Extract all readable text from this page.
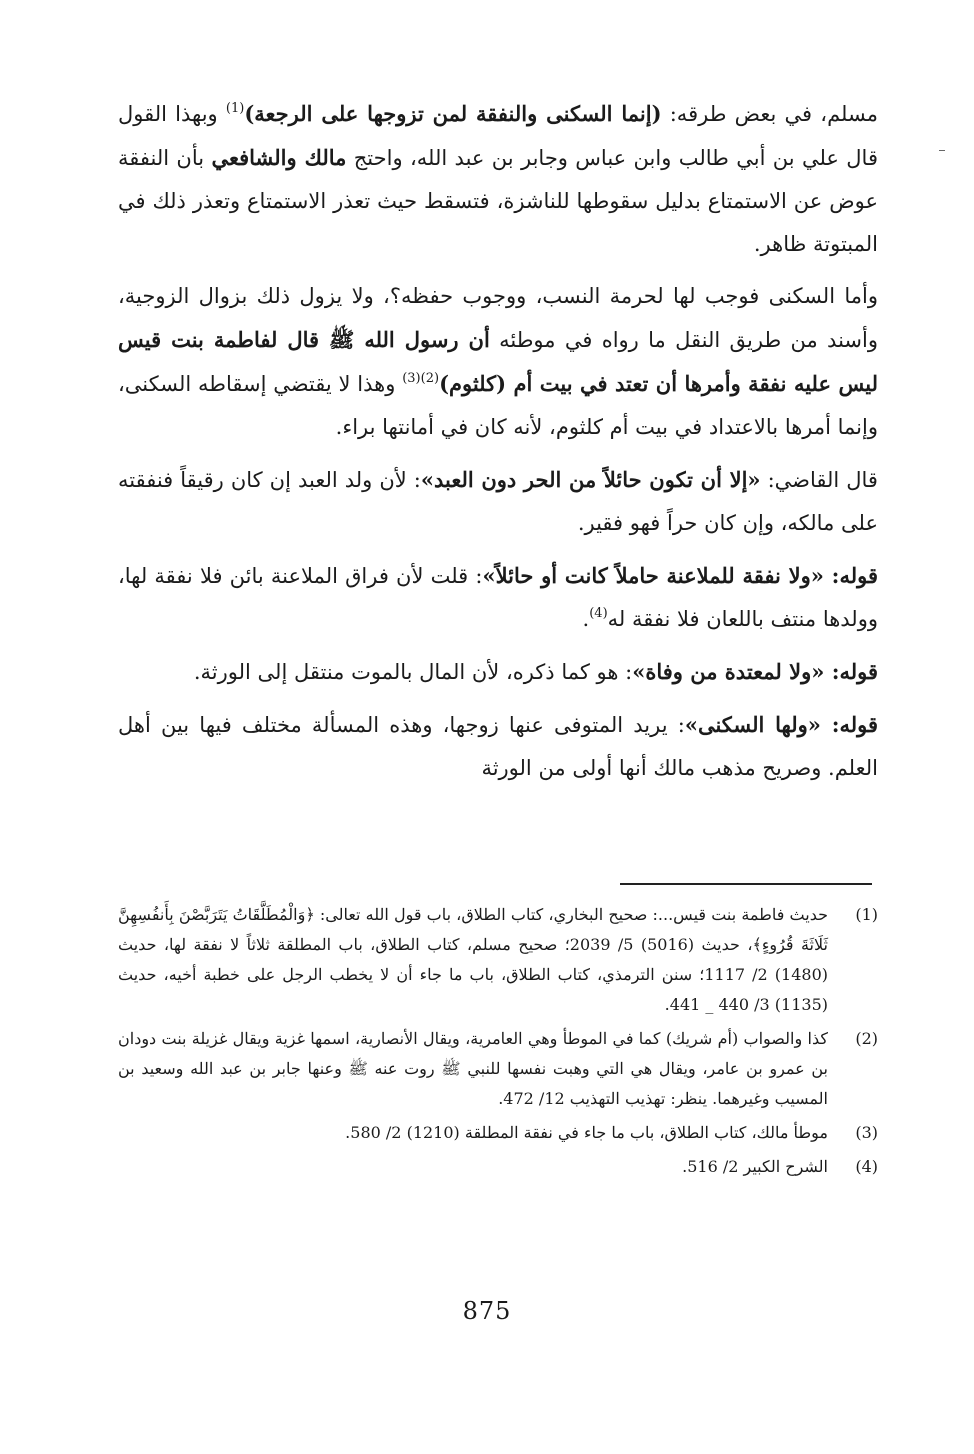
مسلم، في بعض طرقه: (إنما السكنى والنفقة لمن تزوجها على الرجعة)$^{(1)}$ وبهذا القول قال علي بن أبي طالب وابن عباس وجابر بن عبد الله، واحتج مالك والشافعي بأن النفقة عوض عن الاستمتاع بدليل سقوطها للناشزة، فتسقط حيث تعذر الاستمتاع وتعذر ذلك في المبتوتة ظاهر.

وأما السكنى فوجب لها لحرمة النسب، ووجوب حفظه؟، ولا يزول ذلك بزوال الزوجية، وأسند من طريق النقل ما رواه في موطئه أن رسول الله ﷺ قال لفاطمة بنت قيس ليس عليه نفقة وأمرها أن تعتد في بيت أم (كلثوم)$^{(2)(3)}$ وهذا لا يقتضي إسقاطه السكنى، وإنما أمرها بالاعتداد في بيت أم كلثوم، لأنه كان في أمانتها براء.

قال القاضي: «إلا أن تكون حائلاً من الحر دون العبد»: لأن ولد العبد إن كان رقيقاً فنفقته على مالكه، وإن كان حراً فهو فقير.

قوله: «ولا نفقة للملاعنة حاملاً كانت أو حائلاً»: قلت لأن فراق الملاعنة بائن فلا نفقة لها، وولدها منتف باللعان فلا نفقة له$^{(4)}$.

قوله: «ولا لمعتدة من وفاة»: هو كما ذكره، لأن المال بالموت منتقل إلى الورثة.

قوله: «ولها السكنى»: يريد المتوفى عنها زوجها، وهذه المسألة مختلف فيها بين أهل العلم. وصريح مذهب مالك أنها أولى من الورثة

(1)
حديث فاطمة بنت قيس...: صحيح البخاري، كتاب الطلاق، باب قول الله تعالى: ﴿وَالْمُطَلَّقَاتُ يَتَرَبَّصْنَ بِأَنفُسِهِنَّ ثَلَاثَةَ قُرُوءٍ﴾، حديث (5016) 5/ 2039؛ صحيح مسلم، كتاب الطلاق، باب المطلقة ثلاثاً لا نفقة لها، حديث (1480) 2/ 1117؛ سنن الترمذي، كتاب الطلاق، باب ما جاء أن لا يخطب الرجل على خطبة أخيه، حديث (1135) 3/ 440 _ 441.
(2)
كذا والصواب (أم شريك) كما في الموطأ وهي العامرية، ويقال الأنصارية، اسمها غزية ويقال غزيلة بنت دودان بن عمرو بن عامر، ويقال هي التي وهبت نفسها للنبي ﷺ روت عنه ﷺ وعنها جابر بن عبد الله وسعيد بن المسيب وغيرهما. ينظر: تهذيب التهذيب 12/ 472.
(3)
موطأ مالك، كتاب الطلاق، باب ما جاء في نفقة المطلقة (1210) 2/ 580.
(4)
الشرح الكبير 2/ 516.
875
